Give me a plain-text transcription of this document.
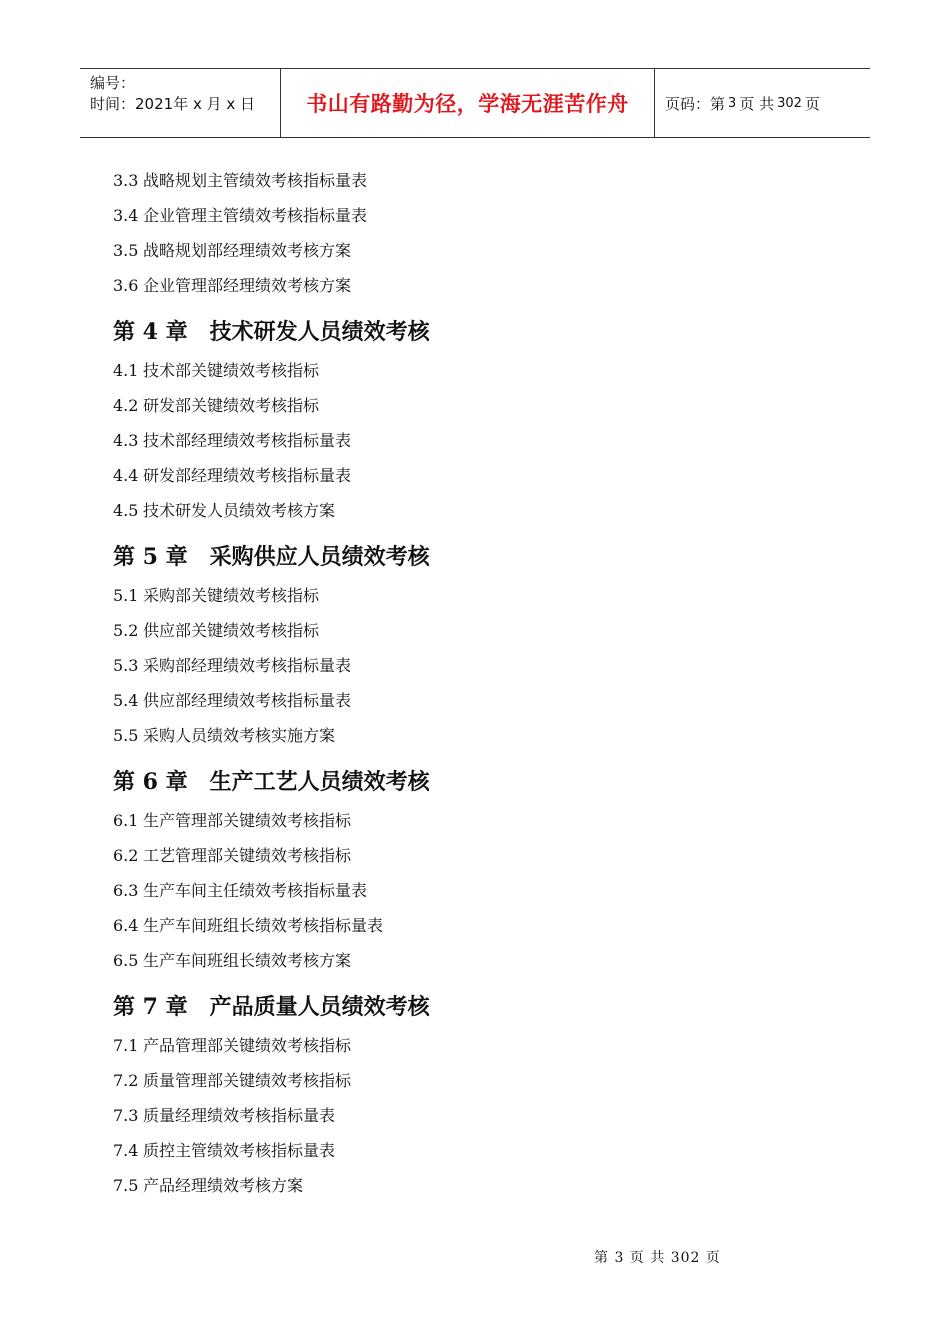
编号：
时间：2021年 x 月 x 日	书山有路勤为径，学海无涯苦作舟	页码：第 3 页 共 302 页
3.3 战略规划主管绩效考核指标量表
3.4 企业管理主管绩效考核指标量表
3.5 战略规划部经理绩效考核方案
3.6 企业管理部经理绩效考核方案
第 4 章 技术研发人员绩效考核
4.1 技术部关键绩效考核指标
4.2 研发部关键绩效考核指标
4.3 技术部经理绩效考核指标量表
4.4 研发部经理绩效考核指标量表
4.5 技术研发人员绩效考核方案
第 5 章 采购供应人员绩效考核
5.1 采购部关键绩效考核指标
5.2 供应部关键绩效考核指标
5.3 采购部经理绩效考核指标量表
5.4 供应部经理绩效考核指标量表
5.5 采购人员绩效考核实施方案
第 6 章 生产工艺人员绩效考核
6.1 生产管理部关键绩效考核指标
6.2 工艺管理部关键绩效考核指标
6.3 生产车间主任绩效考核指标量表
6.4 生产车间班组长绩效考核指标量表
6.5 生产车间班组长绩效考核方案
第 7 章 产品质量人员绩效考核
7.1 产品管理部关键绩效考核指标
7.2 质量管理部关键绩效考核指标
7.3 质量经理绩效考核指标量表
7.4 质控主管绩效考核指标量表
7.5 产品经理绩效考核方案
第 3 页 共 302 页
